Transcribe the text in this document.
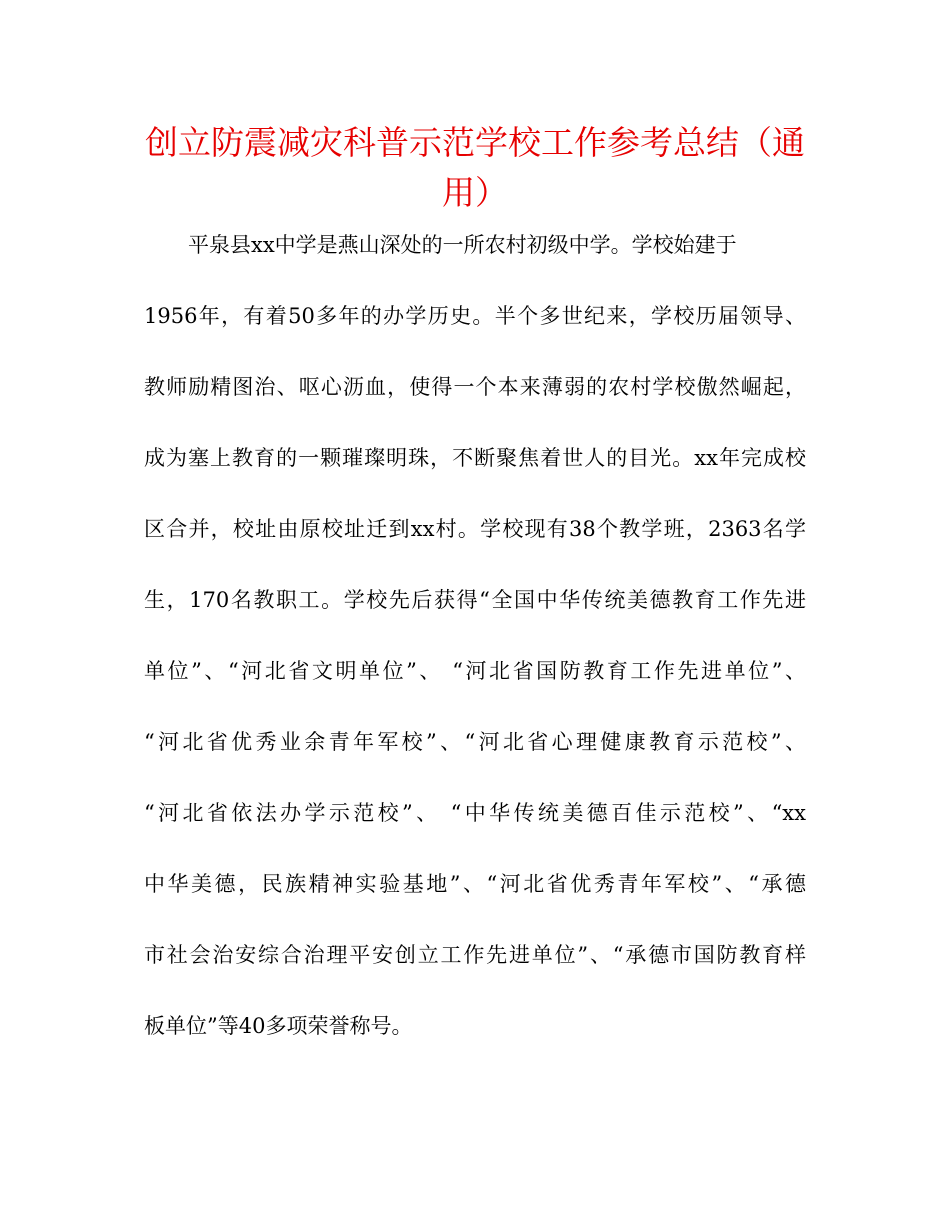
创立防震减灾科普示范学校工作参考总结（通用）
平泉县xx中学是燕山深处的一所农村初级中学。学校始建于
1956年，有着50多年的办学历史。半个多世纪来，学校历届领导、
教师励精图治、呕心沥血，使得一个本来薄弱的农村学校傲然崛起，
成为塞上教育的一颗璀璨明珠，不断聚焦着世人的目光。xx年完成校
区合并，校址由原校址迁到xx村。学校现有38个教学班，2363名学
生，170名教职工。学校先后获得“全国中华传统美德教育工作先进
单位”、“河北省文明单位”、 “河北省国防教育工作先进单位”、
“河北省优秀业余青年军校”、“河北省心理健康教育示范校”、
“河北省依法办学示范校”、 “中华传统美德百佳示范校”、“xx
中华美德，民族精神实验基地”、“河北省优秀青年军校”、“承德
市社会治安综合治理平安创立工作先进单位”、“承德市国防教育样
板单位”等40多项荣誉称号。
